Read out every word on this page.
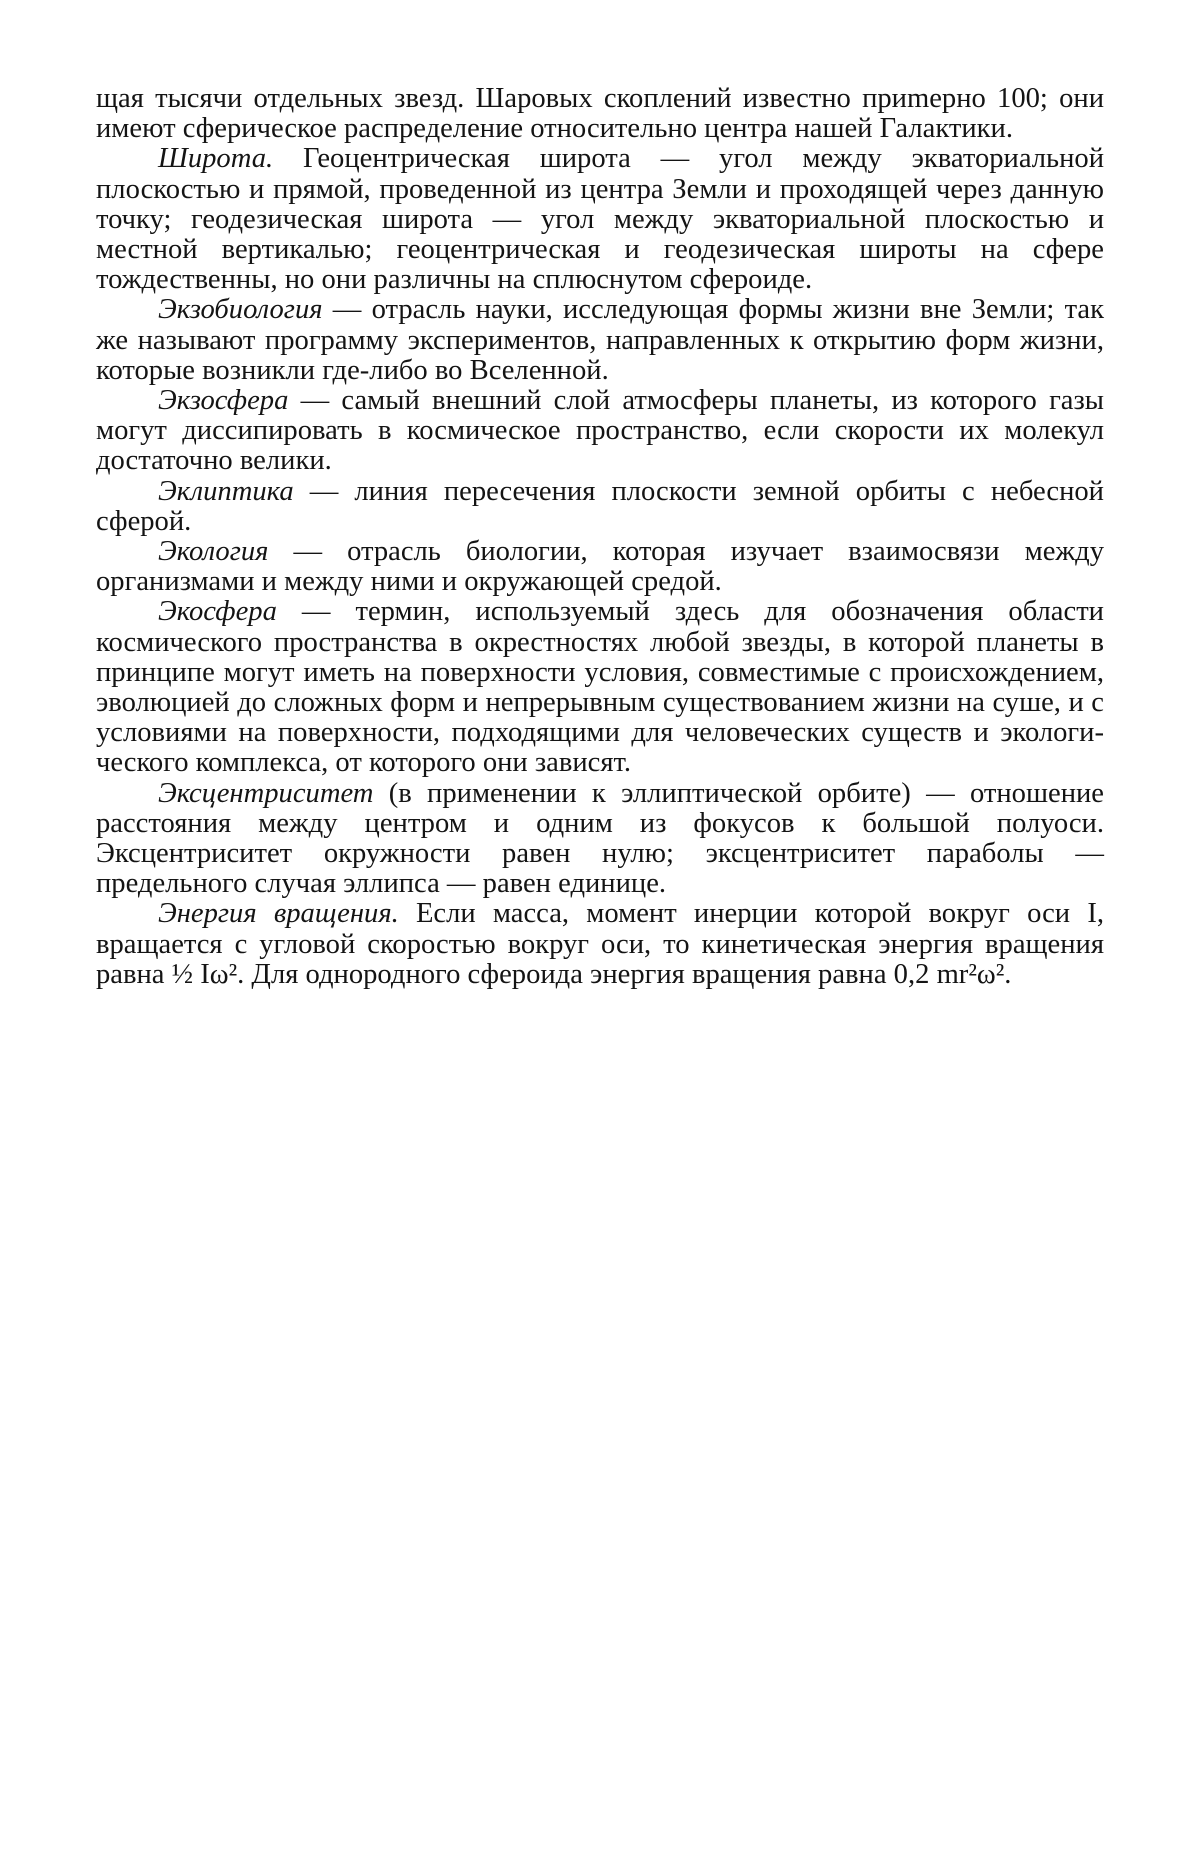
щая тысячи отдельных звезд. Шаровых скоплений известно приmерно 100; они имеют сферическое распределение относительно центра нашей Галактики.

Широта. Геоцентрическая широта — угол между экваториальной плоскостью и прямой, проведенной из центра Земли и проходящей через данную точку; геодезическая широта — угол между экваториальной плоскостью и местной вертикалью; геоцентрическая и геодезическая широты на сфере тождественны, но они различны на сплюснутом сфероиде.

Экзобиология — отрасль науки, исследующая формы жизни вне Земли; так же называют программу экспериментов, направленных к открытию форм жизни, которые возникли где-либо во Вселенной.

Экзосфера — самый внешний слой атмосферы планеты, из которого газы могут диссипировать в космическое пространство, если скорости их молекул достаточно велики.

Эклиптика — линия пересечения плоскости земной орбиты с небесной сферой.

Экология — отрасль биологии, которая изучает взаимосвязи между организмами и между ними и окружающей средой.

Экосфера — термин, используемый здесь для обозначения области космического пространства в окрестностях любой звезды, в которой планеты в принципе могут иметь на поверхности условия, совместимые с происхождением, эволюцией до сложных форм и непрерывным существованием жизни на суше, и с условиями на поверхности, подходящими для человеческих существ и экологического комплекса, от которого они зависят.

Эксцентриситет (в применении к эллиптической орбите) — отношение расстояния между центром и одним из фокусов к большой полуоси. Эксцентриситет окружности равен нулю; эксцентриситет параболы — предельного случая эллипса — равен единице.

Энергия вращения. Если масса, момент инерции которой вокруг оси I, вращается с угловой скоростью вокруг оси, то кинетическая энергия вращения равна ½ Iω². Для однородного сфероида энергия вращения равна 0,2 mr²ω².
